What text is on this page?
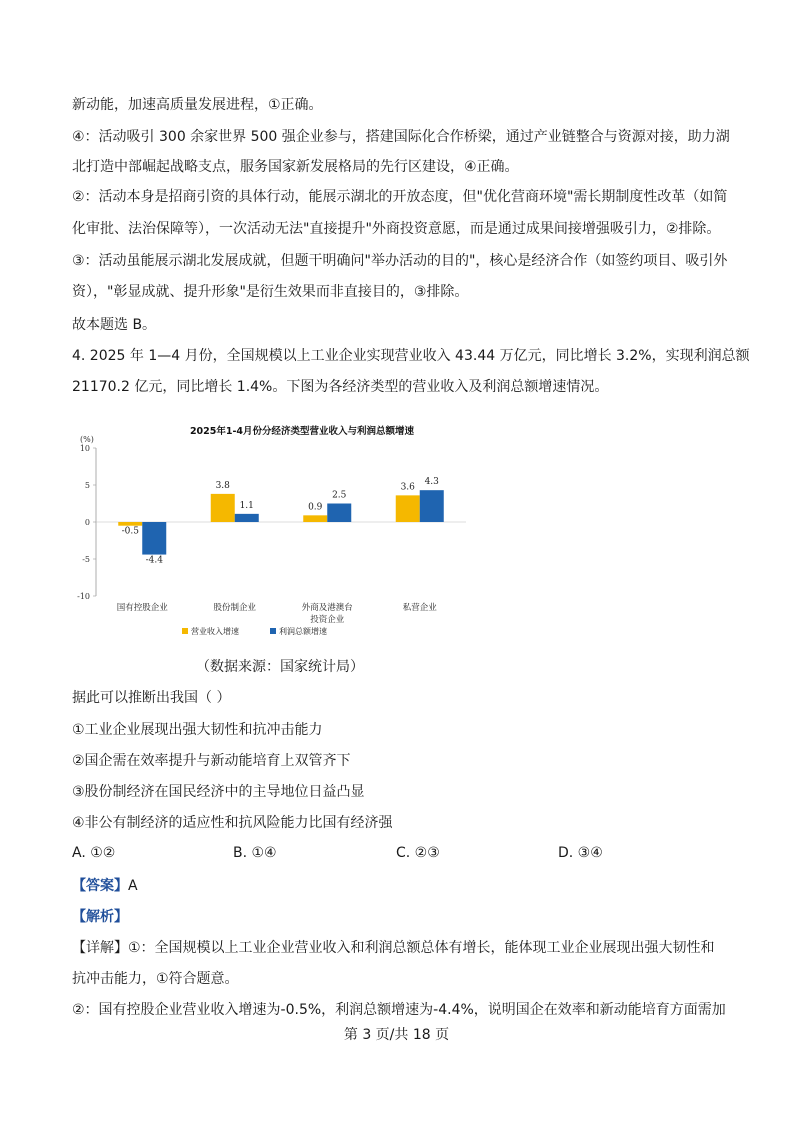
新动能，加速高质量发展进程，①正确。
④：活动吸引 300 余家世界 500 强企业参与，搭建国际化合作桥梁，通过产业链整合与资源对接，助力湖
北打造中部崛起战略支点，服务国家新发展格局的先行区建设，④正确。
②：活动本身是招商引资的具体行动，能展示湖北的开放态度，但"优化营商环境"需长期制度性改革（如简
化审批、法治保障等），一次活动无法"直接提升"外商投资意愿，而是通过成果间接增强吸引力，②排除。
③：活动虽能展示湖北发展成就，但题干明确问"举办活动的目的"，核心是经济合作（如签约项目、吸引外
资），"彰显成就、提升形象"是衍生效果而非直接目的，③排除。
故本题选 B。
4. 2025 年 1—4 月份，全国规模以上工业企业实现营业收入 43.44 万亿元，同比增长 3.2%，实现利润总额
21170.2 亿元，同比增长 1.4%。下图为各经济类型的营业收入及利润总额增速情况。
2025年1-4月份分经济类型营业收入与利润总额增速
(%)
10
5
0
-5
-10
-0.5
-4.4
国有控股企业
3.8
1.1
股份制企业
0.9
2.5
外商及港澳台
投资企业
3.6
4.3
私营企业
营业收入增速	利润总额增速
（数据来源：国家统计局）
据此可以推断出我国（ ）
①工业企业展现出强大韧性和抗冲击能力
②国企需在效率提升与新动能培育上双管齐下
③股份制经济在国民经济中的主导地位日益凸显
④非公有制经济的适应性和抗风险能力比国有经济强
A. ①②	B. ①④	C. ②③	D. ③④
【答案】A
【解析】
【详解】①：全国规模以上工业企业营业收入和利润总额总体有增长，能体现工业企业展现出强大韧性和
抗冲击能力，①符合题意。
②：国有控股企业营业收入增速为-0.5%，利润总额增速为-4.4%，说明国企在效率和新动能培育方面需加
第 3 页/共 18 页
